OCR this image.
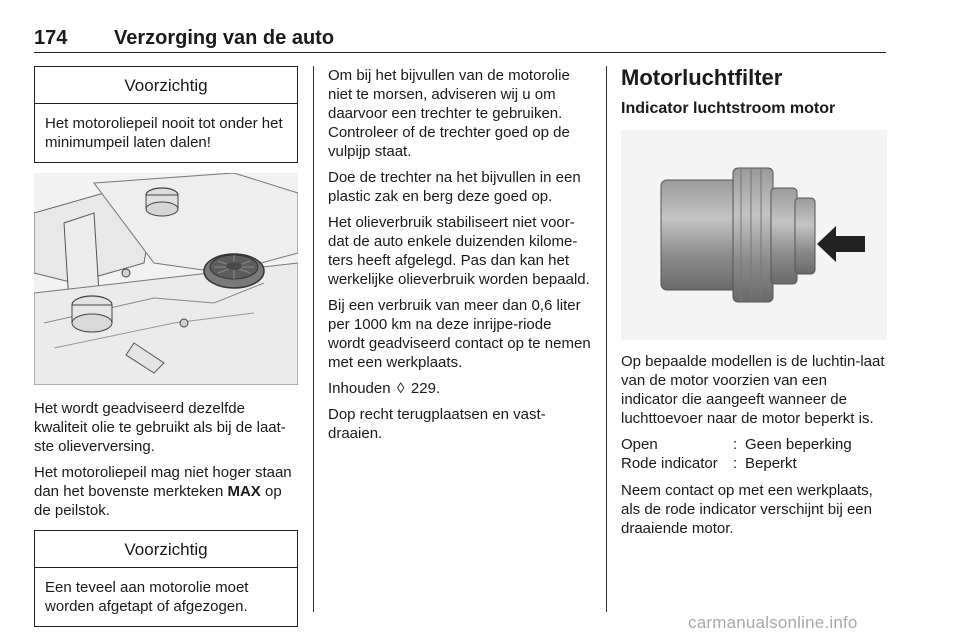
174 Verzorging van de auto
Voorzichtig
Het motoroliepeil nooit tot onder het minimumpeil laten dalen!

Het wordt geadviseerd dezelfde kwaliteit olie te gebruikt als bij de laat-ste olieverversing.

Het motoroliepeil mag niet hoger staan dan het bovenste merkteken MAX op de peilstok.

Voorzichtig
Een teveel aan motorolie moet worden afgetapt of afgezogen.

Om bij het bijvullen van de motorolie niet te morsen, adviseren wij u om daarvoor een trechter te gebruiken. Controleer of de trechter goed op de vulpijp staat.

Doe de trechter na het bijvullen in een plastic zak en berg deze goed op.

Het olieverbruik stabiliseert niet voor-dat de auto enkele duizenden kilome-ters heeft afgelegd. Pas dan kan het werkelijke olieverbruik worden bepaald.

Bij een verbruik van meer dan 0,6 liter per 1000 km na deze inrijpe-riode wordt geadviseerd contact op te nemen met een werkplaats.

Inhouden ◊ 229.

Dop recht terugplaatsen en vast-draaien.

Motorluchtfilter
Indicator luchtstroom motor

Op bepaalde modellen is de luchtin-laat van de motor voorzien van een indicator die aangeeft wanneer de luchttoevoer naar de motor beperkt is.

Open	: Geen beperking
Rode indicator	: Beperkt

Neem contact op met een werkplaats, als de rode indicator verschijnt bij een draaiende motor.

carmanualsonline.info
